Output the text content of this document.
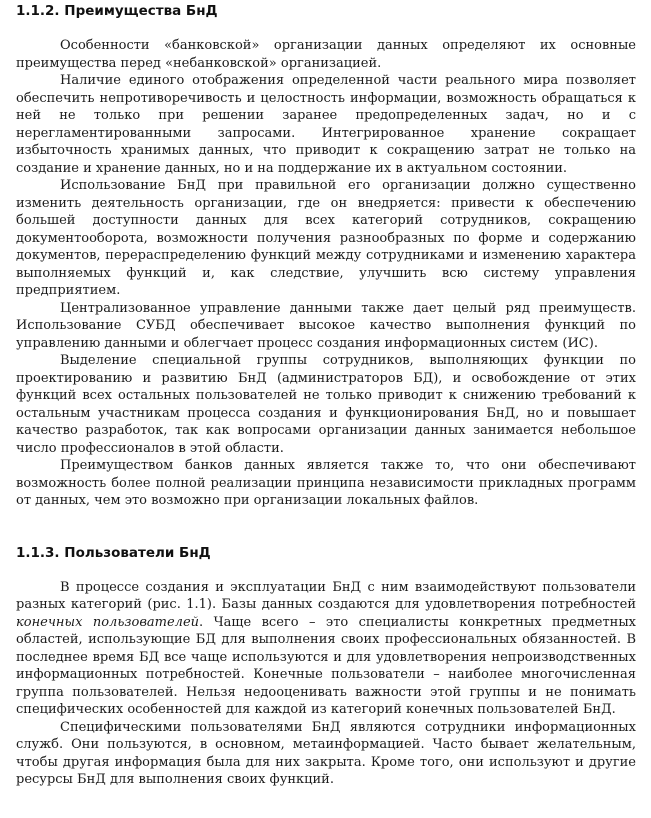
1.1.2. Преимущества БнД

Особенности «банковской» организации данных определяют их основные преимущества перед «небанковской» организацией.

Наличие единого отображения определенной части реального мира позволяет обеспечить непротиворечивость и целостность информации, возможность обращаться к ней не только при решении заранее предопределенных задач, но и с нерегламентированными запросами. Интегрированное хранение сокращает избыточность хранимых данных, что приводит к сокращению затрат не только на создание и хранение данных, но и на поддержание их в актуальном состоянии.

Использование БнД при правильной его организации должно существенно изменить деятельность организации, где он внедряется: привести к обеспечению большей доступности данных для всех категорий сотрудников, сокращению документооборота, возможности получения разнообразных по форме и содержанию документов, перераспределению функций между сотрудниками и изменению характера выполняемых функций и, как следствие, улучшить всю систему управления предприятием.

Централизованное управление данными также дает целый ряд преимуществ. Использование СУБД обеспечивает высокое качество выполнения функций по управлению данными и облегчает процесс создания информационных систем (ИС).

Выделение специальной группы сотрудников, выполняющих функции по проектированию и развитию БнД (администраторов БД), и освобождение от этих функций всех остальных пользователей не только приводит к снижению требований к остальным участникам процесса создания и функционирования БнД, но и повышает качество разработок, так как вопросами организации данных занимается небольшое число профессионалов в этой области.

Преимуществом банков данных является также то, что они обеспечивают возможность более полной реализации принципа независимости прикладных программ от данных, чем это возможно при организации локальных файлов.

1.1.3. Пользователи БнД

В процессе создания и эксплуатации БнД с ним взаимодействуют пользователи разных категорий (рис. 1.1). Базы данных создаются для удовлетворения потребностей конечных пользователей. Чаще всего – это специалисты конкретных предметных областей, использующие БД для выполнения своих профессиональных обязанностей. В последнее время БД все чаще используются и для удовлетворения непроизводственных информационных потребностей. Конечные пользователи – наиболее многочисленная группа пользователей. Нельзя недооценивать важности этой группы и не понимать специфических особенностей для каждой из категорий конечных пользователей БнД.

Специфическими пользователями БнД являются сотрудники информационных служб. Они пользуются, в основном, метаинформацией. Часто бывает желательным, чтобы другая информация была для них закрыта. Кроме того, они используют и другие ресурсы БнД для выполнения своих функций.
